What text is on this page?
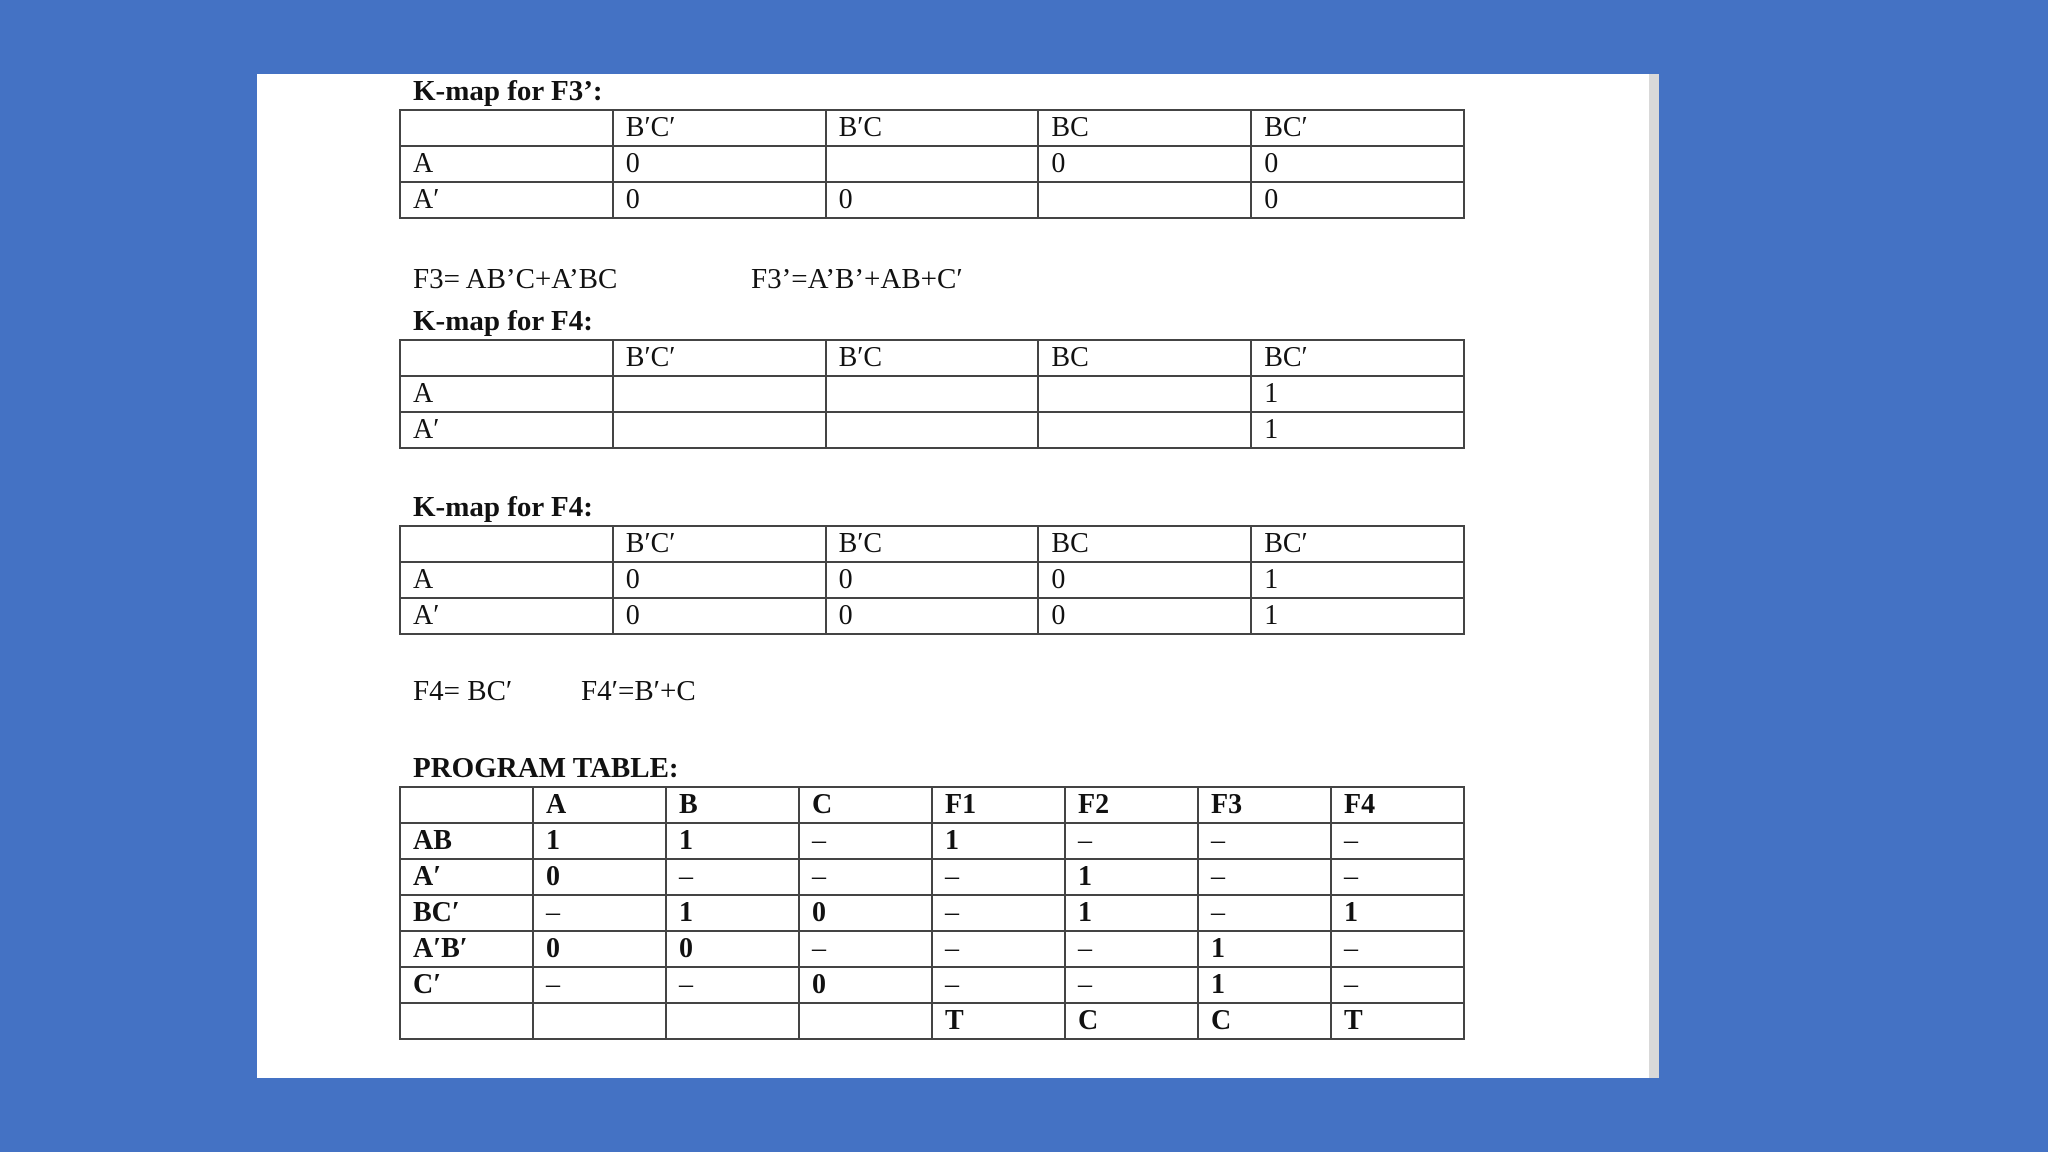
K-map for F3’:
	B′C′	B′C	BC	BC′
A	0		0	0
A′	0	0		0
F3= AB’C+A’BC	F3’=A’B’+AB+C′
K-map for F4:
	B′C′	B′C	BC	BC′
A				1
A′				1
K-map for F4:
	B′C′	B′C	BC	BC′
A	0	0	0	1
A′	0	0	0	1
F4= BC′ F4′=B′+C
PROGRAM TABLE:
	A	B	C	F1	F2	F3	F4
AB	1	1	–	1	–	–	–
A′	0	–	–	–	1	–	–
BC′	–	1	0	–	1	–	1
A′B′	0	0	–	–	–	1	–
C′	–	–	0	–	–	1	–
				T	C	C	T
